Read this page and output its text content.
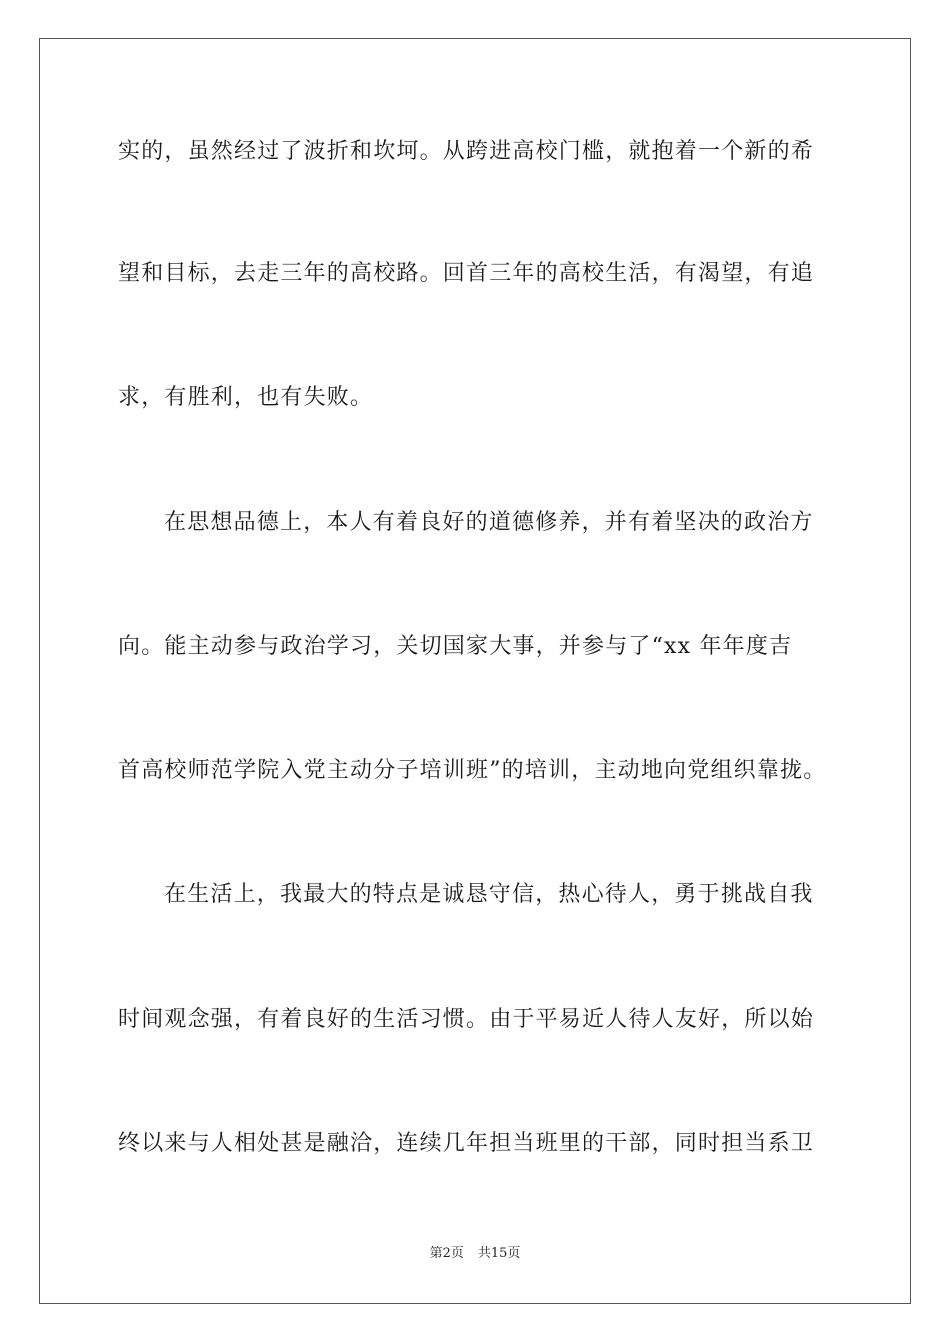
实的，虽然经过了波折和坎坷。从跨进高校门槛，就抱着一个新的希
望和目标，去走三年的高校路。回首三年的高校生活，有渴望，有追
求，有胜利，也有失败。
在思想品德上，本人有着良好的道德修养，并有着坚决的政治方
向。能主动参与政治学习，关切国家大事，并参与了“xx 年年度吉
首高校师范学院入党主动分子培训班”的培训，主动地向党组织靠拢。
在生活上，我最大的特点是诚恳守信，热心待人，勇于挑战自我
时间观念强，有着良好的生活习惯。由于平易近人待人友好，所以始
终以来与人相处甚是融洽，连续几年担当班里的干部，同时担当系卫
第2页 共15页
